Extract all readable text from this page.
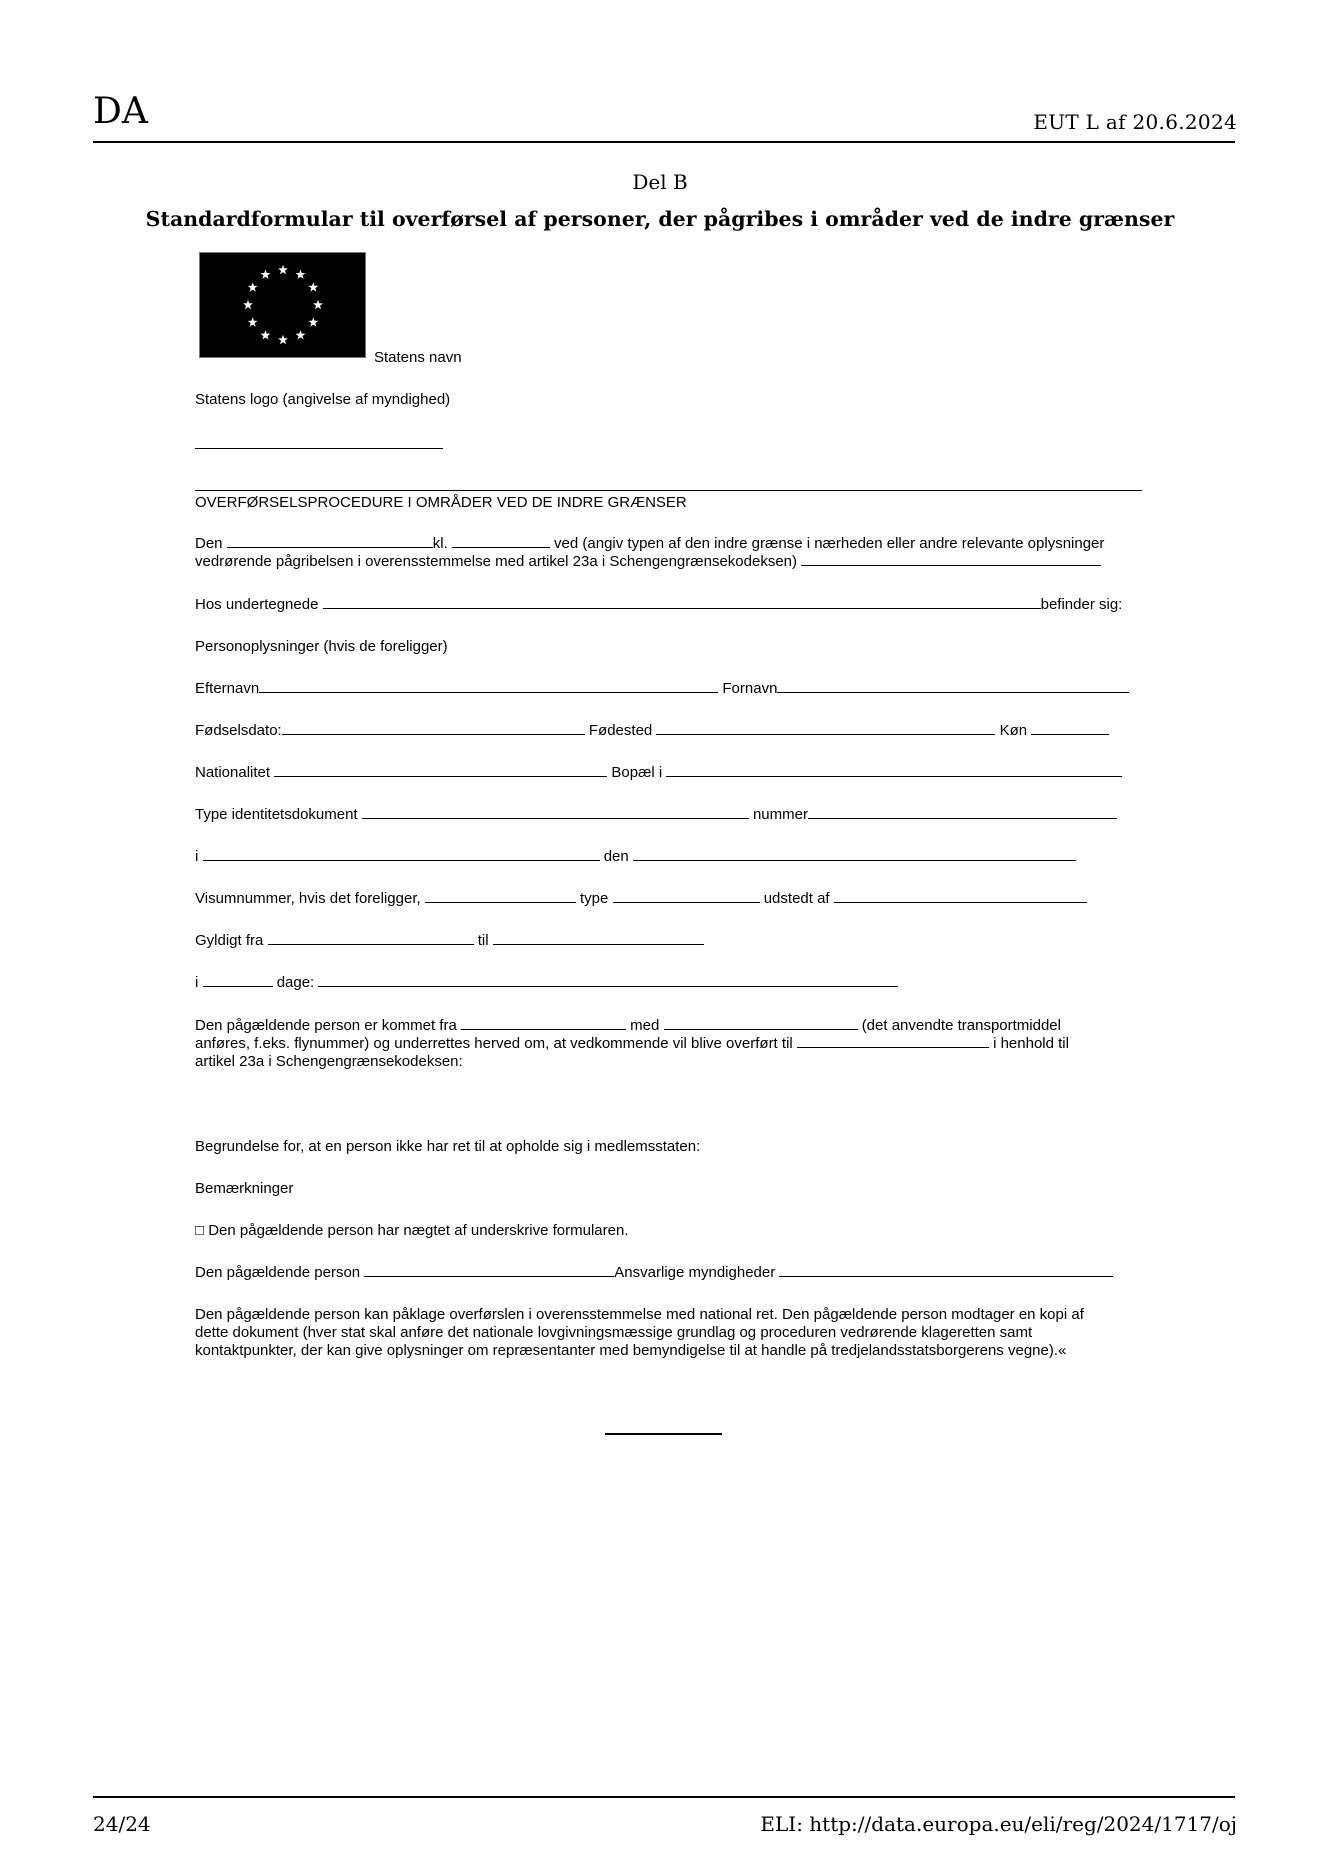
DA	EUT L af 20.6.2024
Del B
Standardformular til overførsel af personer, der pågribes i områder ved de indre grænser
Statens navn
Statens logo (angivelse af myndighed)
OVERFØRSELSPROCEDURE I OMRÅDER VED DE INDRE GRÆNSER
Den	kl.	ved (angiv typen af den indre grænse i nærheden eller andre relevante oplysninger
vedrørende pågribelsen i overensstemmelse med artikel 23a i Schengengrænsekodeksen)
Hos undertegnede	befinder sig:
Personoplysninger (hvis de foreligger)
Efternavn	Fornavn
Fødselsdato:	Fødested	Køn
Nationalitet	Bopæl i
Type identitetsdokument	nummer
i	den
Visumnummer, hvis det foreligger,	type	udstedt af
Gyldigt fra	til
i	dage:
Den pågældende person er kommet fra	med	(det anvendte transportmiddel
anføres, f.eks. flynummer) og underrettes herved om, at vedkommende vil blive overført til	i henhold til
artikel 23a i Schengengrænsekodeksen:
Begrundelse for, at en person ikke har ret til at opholde sig i medlemsstaten:
Bemærkninger
□ Den pågældende person har nægtet af underskrive formularen.
Den pågældende person	Ansvarlige myndigheder
Den pågældende person kan påklage overførslen i overensstemmelse med national ret. Den pågældende person modtager en kopi af
dette dokument (hver stat skal anføre det nationale lovgivningsmæssige grundlag og proceduren vedrørende klageretten samt
kontaktpunkter, der kan give oplysninger om repræsentanter med bemyndigelse til at handle på tredjelandsstatsborgerens vegne).«
24/24	ELI: http://data.europa.eu/eli/reg/2024/1717/oj
